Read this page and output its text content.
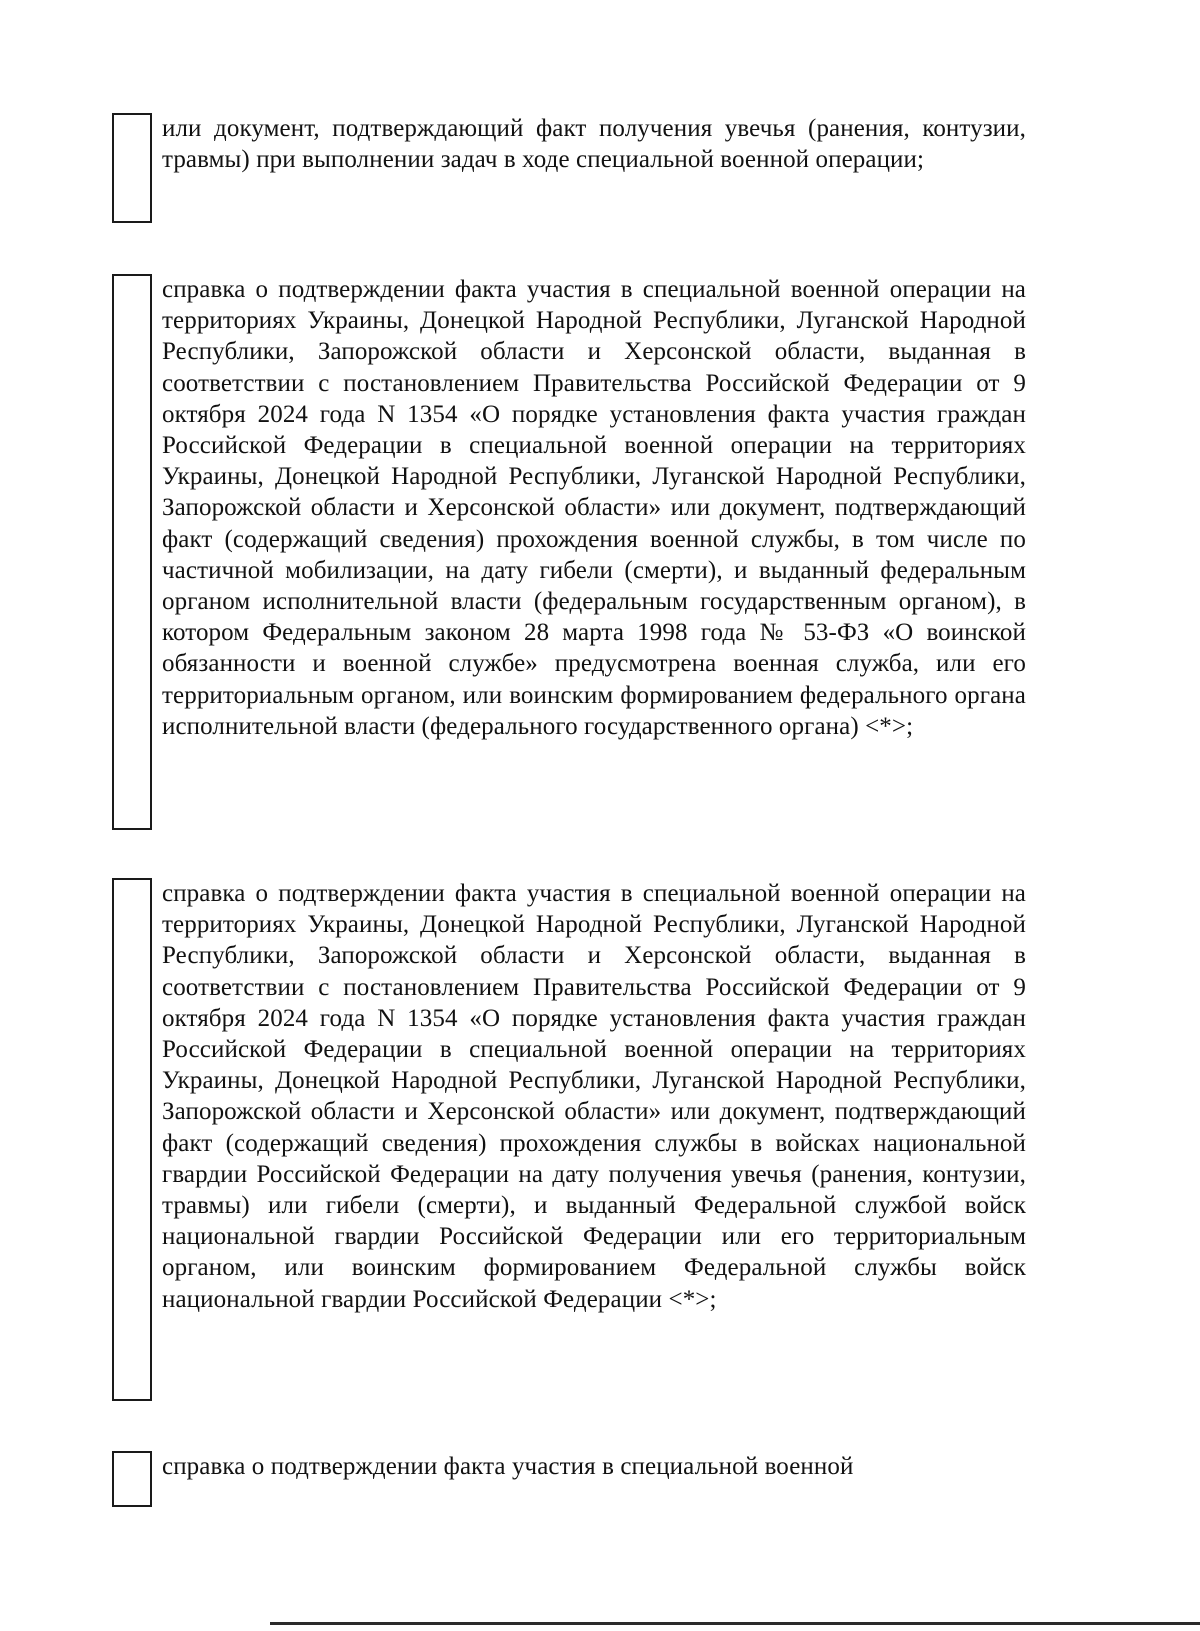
или документ, подтверждающий факт получения увечья (ранения, контузии, травмы) при выполнении задач в ходе специальной военной операции;

справка о подтверждении факта участия в специальной военной операции на территориях Украины, Донецкой Народной Республики, Луганской Народной Республики, Запорожской области и Херсонской области, выданная в соответствии с постановлением Правительства Российской Федерации от 9 октября 2024 года N 1354 «О порядке установления факта участия граждан Российской Федерации в специальной военной операции на территориях Украины, Донецкой Народной Республики, Луганской Народной Республики, Запорожской области и Херсонской области» или документ, подтверждающий факт (содержащий сведения) прохождения военной службы, в том числе по частичной мобилизации, на дату гибели (смерти), и выданный федеральным органом исполнительной власти (федеральным государственным органом), в котором Федеральным законом 28 марта 1998 года № 53-ФЗ «О воинской обязанности и военной службе» предусмотрена военная служба, или его территориальным органом, или воинским формированием федерального органа исполнительной власти (федерального государственного органа) <*>;

справка о подтверждении факта участия в специальной военной операции на территориях Украины, Донецкой Народной Республики, Луганской Народной Республики, Запорожской области и Херсонской области, выданная в соответствии с постановлением Правительства Российской Федерации от 9 октября 2024 года N 1354 «О порядке установления факта участия граждан Российской Федерации в специальной военной операции на территориях Украины, Донецкой Народной Республики, Луганской Народной Республики, Запорожской области и Херсонской области» или документ, подтверждающий факт (содержащий сведения) прохождения службы в войсках национальной гвардии Российской Федерации на дату получения увечья (ранения, контузии, травмы) или гибели (смерти), и выданный Федеральной службой войск национальной гвардии Российской Федерации или его территориальным органом, или воинским формированием Федеральной службы войск национальной гвардии Российской Федерации <*>;

справка о подтверждении факта участия в специальной военной
